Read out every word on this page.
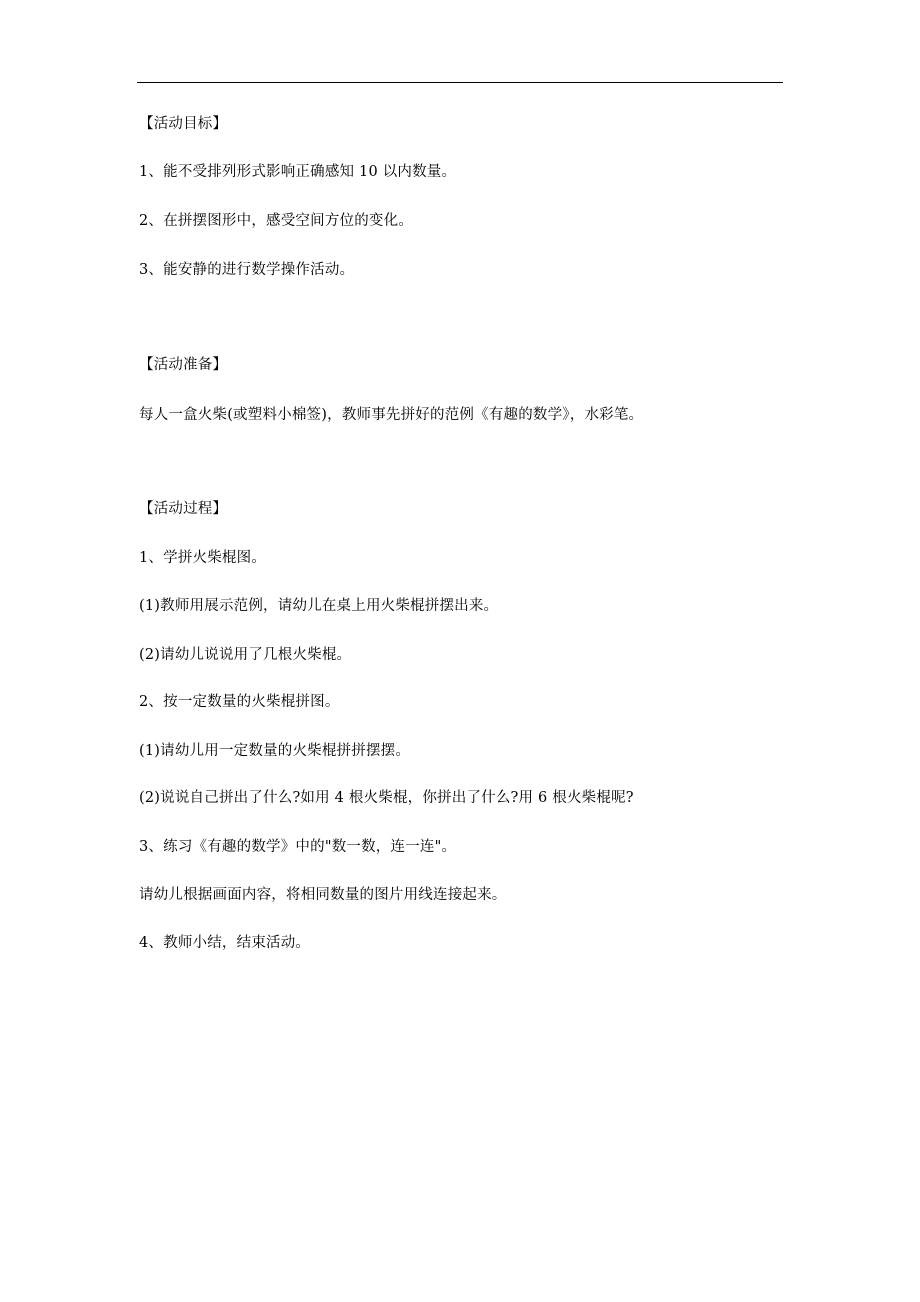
【活动目标】
1、能不受排列形式影响正确感知 10 以内数量。
2、在拼摆图形中，感受空间方位的变化。
3、能安静的进行数学操作活动。
【活动准备】
每人一盒火柴(或塑料小棉签)，教师事先拼好的范例《有趣的数学》，水彩笔。
【活动过程】
1、学拼火柴棍图。
(1)教师用展示范例，请幼儿在桌上用火柴棍拼摆出来。
(2)请幼儿说说用了几根火柴棍。
2、按一定数量的火柴棍拼图。
(1)请幼儿用一定数量的火柴棍拼拼摆摆。
(2)说说自己拼出了什么?如用 4 根火柴棍，你拼出了什么?用 6 根火柴棍呢?
3、练习《有趣的数学》中的"数一数，连一连"。
请幼儿根据画面内容，将相同数量的图片用线连接起来。
4、教师小结，结束活动。
